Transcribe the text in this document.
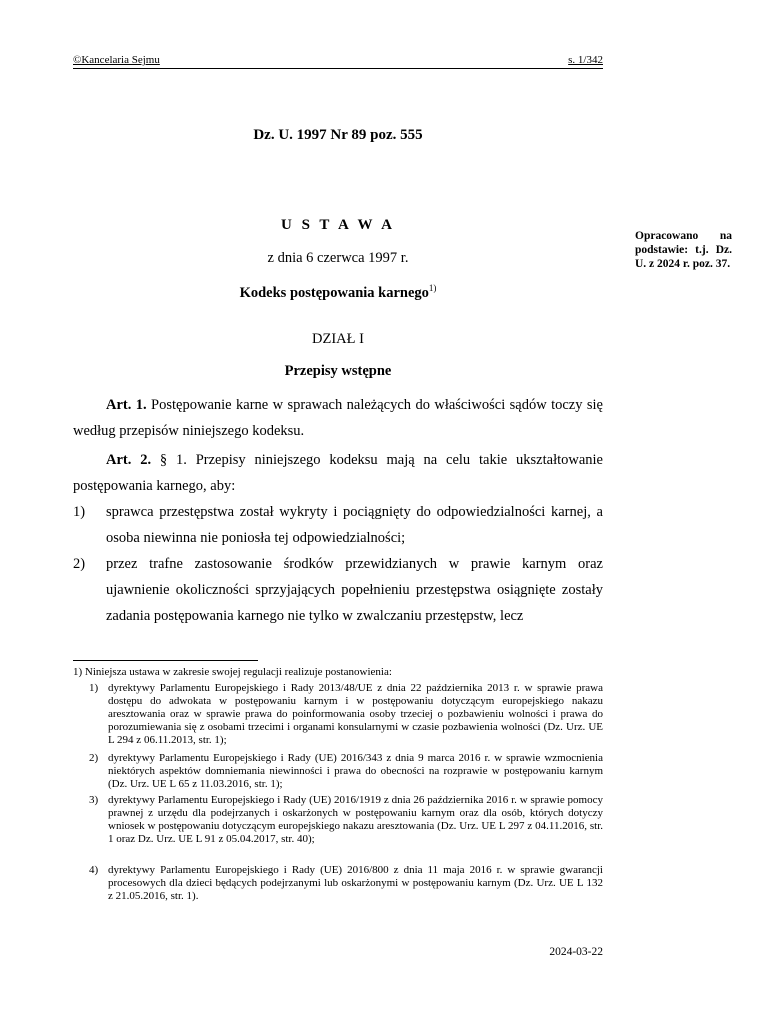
©Kancelaria Sejmu	s. 1/342
Dz. U. 1997 Nr 89 poz. 555
U S T A W A
z dnia 6 czerwca 1997 r.
Kodeks postępowania karnego$^{1)}$
Opracowano na podstawie: t.j. Dz. U. z 2024 r. poz. 37.
DZIAŁ I
Przepisy wstępne
Art. 1. Postępowanie karne w sprawach należących do właściwości sądów toczy się według przepisów niniejszego kodeksu.
Art. 2. § 1. Przepisy niniejszego kodeksu mają na celu takie ukształtowanie postępowania karnego, aby:
1) sprawca przestępstwa został wykryty i pociągnięty do odpowiedzialności karnej, a osoba niewinna nie poniosła tej odpowiedzialności;
2) przez trafne zastosowanie środków przewidzianych w prawie karnym oraz ujawnienie okoliczności sprzyjających popełnieniu przestępstwa osiągnięte zostały zadania postępowania karnego nie tylko w zwalczaniu przestępstw, lecz
1) Niniejsza ustawa w zakresie swojej regulacji realizuje postanowienia:
1) dyrektywy Parlamentu Europejskiego i Rady 2013/48/UE z dnia 22 października 2013 r. w sprawie prawa dostępu do adwokata w postępowaniu karnym i w postępowaniu dotyczącym europejskiego nakazu aresztowania oraz w sprawie prawa do poinformowania osoby trzeciej o pozbawieniu wolności i prawa do porozumiewania się z osobami trzecimi i organami konsularnymi w czasie pozbawienia wolności (Dz. Urz. UE L 294 z 06.11.2013, str. 1);
2) dyrektywy Parlamentu Europejskiego i Rady (UE) 2016/343 z dnia 9 marca 2016 r. w sprawie wzmocnienia niektórych aspektów domniemania niewinności i prawa do obecności na rozprawie w postępowaniu karnym (Dz. Urz. UE L 65 z 11.03.2016, str. 1);
3) dyrektywy Parlamentu Europejskiego i Rady (UE) 2016/1919 z dnia 26 października 2016 r. w sprawie pomocy prawnej z urzędu dla podejrzanych i oskarżonych w postępowaniu karnym oraz dla osób, których dotyczy wniosek w postępowaniu dotyczącym europejskiego nakazu aresztowania (Dz. Urz. UE L 297 z 04.11.2016, str. 1 oraz Dz. Urz. UE L 91 z 05.04.2017, str. 40);
4) dyrektywy Parlamentu Europejskiego i Rady (UE) 2016/800 z dnia 11 maja 2016 r. w sprawie gwarancji procesowych dla dzieci będących podejrzanymi lub oskarżonymi w postępowaniu karnym (Dz. Urz. UE L 132 z 21.05.2016, str. 1).
2024-03-22
